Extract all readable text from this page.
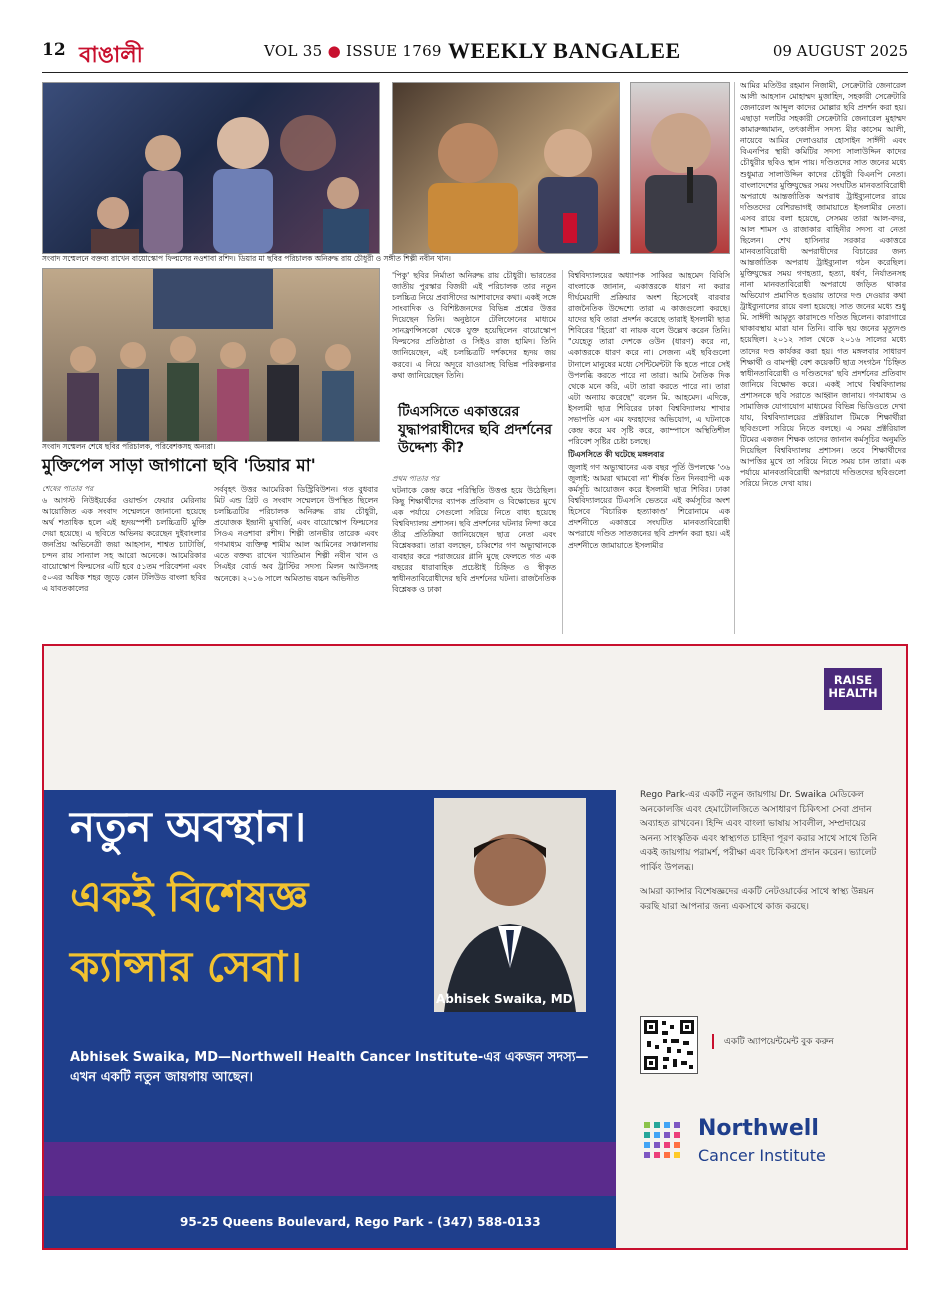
12 বাঙালী	VOL 35 ● ISSUE 1769 WEEKLY BANGALEE	09 AUGUST 2025
সংবাদ সম্মেলনে বক্তব্য রাখেন বায়োস্কোপ ফিল্মসের নওশাবা রশিদ। ডিয়ার মা ছবির পরিচালক অনিরুদ্ধ রায় চৌধুরী ও সঙ্গীত শিল্পী নবীন খান।
সংবাদ সম্মেলন শেষে ছবির পরিচালক, পরিবেশকসহ অন্যরা।
মুক্তিপেল সাড়া জাগানো ছবি 'ডিয়ার মা'
শেষের পাতার পর

৬ আগস্ট নিউইয়র্কের ওয়ার্ল্ডস ফেয়ার মেরিনায় আয়োজিত এক সংবাদ সম্মেলনে জানানো হয়েছে অর্থ শতাধিক হলে এই হৃদয়স্পর্শী চলচ্চিত্রটি মুক্তি দেয়া হয়েছে। এ ছবিতে অভিনয় করেছেন দুইবাংলার জনপ্রিয় অভিনেত্রী জয়া আহসান, শাশ্বত চ্যাটার্জি, চন্দন রায় সান্যাল সহ আরো অনেকে। আমেরিকার বায়োস্কোপ ফিল্মসের এটি হবে ৫১তম পরিবেশনা এবং ৫০এর অধিক শহর জুড়ে কোন টলিউড বাংলা ছবির এ যাবতকালের

সর্ববৃহৎ উত্তর আমেরিকা ডিস্ট্রিবিউশন। গত বুধবার মিট এন্ড গ্রিট ও সংবাদ সম্মেলনে উপস্থিত ছিলেন চলচ্চিত্রটির পরিচালক অনিরুদ্ধ রায় চৌধুরী, প্রযোজক ইন্দ্রানী মুখার্জি, এবং বায়োস্কোপ ফিল্মসের সিওএ নওশাবা রশীদ। শিল্পী তানভীর তারেক এবং গণমাধ্যম ব্যক্তিত্ব শামীম আল আমিনের সঞ্চালনায় এতে বক্তব্য রাখেন খ্যাতিমান শিল্পী নবীন খান ও সিএইর বোর্ড অব ট্রাস্টির সদস্য মিলন আউনসহ অনেকে। ২০১৬ সালে অমিতাভ বচ্চন অভিনীত

'পিকু' ছবির নির্মাতা অনিরুদ্ধ রায় চৌধুরী। ভারতের জাতীয় পুরস্কার বিজয়ী এই পরিচালক তার নতুন চলচ্চিত্র নিয়ে প্রবাসীদের আশাবাদের কথা। একই সঙ্গে সাংবাদিক ও বিশিষ্টজনদের বিভিন্ন প্রশ্নের উত্তর দিয়েছেন তিনি। অনুষ্ঠানে টেলিফোনের মাধ্যমে সানফ্রান্সিসকো থেকে যুক্ত হয়েছিলেন বায়োস্কোপ ফিল্মসের প্রতিষ্ঠাতা ও সিইও রাজ হামিদ। তিনি জানিয়েছেন, এই চলচ্চিত্রটি দর্শকদের হৃদয় জয় করবে। এ নিয়ে অদূরে যাওয়াসহ বিভিন্ন পরিকল্পনার কথা জানিয়েছেন তিনি।

টিএসসিতে একাত্তরের যুদ্ধাপরাধীদের ছবি প্রদর্শনের উদ্দেশ্য কী?
প্রথম পাতার পর

ঘটনাকে কেন্দ্র করে পরিস্থিতি উত্তপ্ত হয়ে উঠেছিল। কিছু শিক্ষার্থীদের ব্যাপক প্রতিবাদ ও বিক্ষোভের মুখে এক পর্যায়ে সেগুলো সরিয়ে নিতে বাধ্য হয়েছে বিশ্ববিদ্যালয় প্রশাসন। ছবি প্রদর্শনের ঘটনার নিন্দা করে তীব্র প্রতিক্রিয়া জানিয়েছেন ছাত্র নেতা এবং বিশ্লেষকরা। তারা বলছেন, চব্বিশের গণ অভ্যুত্থানকে ব্যবহার করে পরাজয়ের গ্লানি মুছে ফেলতে গত এক বছরের ধারাবাহিক প্রচেষ্টাই চিহ্নিত ও স্বীকৃত স্বাধীনতাবিরোধীদের ছবি প্রদর্শনের ঘটনা। রাজনৈতিক বিশ্লেষক ও ঢাকা

বিশ্ববিদ্যালয়ের অধ্যাপক সাব্বির আহমেদ বিবিসি বাংলাকে জানান, একাত্তরকে ধারণ না করার দীর্ঘমেয়াদী প্রক্রিয়ার অংশ হিসেবেই বারবার রাজনৈতিক উদ্দেশ্যে তারা এ কাজগুলো করছে। যাদের ছবি তারা প্রদর্শন করেছে তারাই ইসলামী ছাত্র শিবিরের 'হিরো' বা নায়ক বলে উল্লেখ করেন তিনি। "যেহেতু তারা দেশকে ওউন (ধারণ) করে না, একাত্তরকে ধারণ করে না। সেজন্য এই ছবিগুলো টানালে মানুষের মধ্যে সেন্টিমেন্টটা কি হতে পারে সেই উপলব্ধি করতে পারে না তারা। আমি নৈতিক দিক থেকে মনে করি, এটা তারা করতে পারে না। তারা এটা অন্যায় করেছে" বলেন মি. আহমেদ। এদিকে, ইসলামী ছাত্র শিবিরের ঢাকা বিশ্ববিদ্যালয় শাখার সভাপতি এস এম ফরহাদের অভিযোগ, এ ঘটনাকে কেন্দ্র করে মব সৃষ্টি করে, ক্যাম্পাসে অস্থিতিশীল পরিবেশ সৃষ্টির চেষ্টা চলছে।

টিএসসিতে কী ঘটেছে মঙ্গলবার

জুলাই গণ অভ্যুত্থানের এক বছর পূর্তি উপলক্ষে '৩৬ জুলাই: আমরা থামবো না' শীর্ষক তিন দিনব্যাপী এক কর্মসূচি আয়োজন করে ইসলামী ছাত্র শিবির। ঢাকা বিশ্ববিদ্যালয়ের টিএসসি ভেতরে এই কর্মসূচির অংশ হিসেবে 'বিচারিক হত্যাকাণ্ড' শিরোনামে এক প্রদর্শনীতে একাত্তরে সংঘটিত মানবতাবিরোধী অপরাধে দণ্ডিত সাতজনের ছবি প্রদর্শন করা হয়। এই প্রদর্শনীতে জামায়াতে ইসলামীর

আমির মতিউর রহমান নিজামী, সেক্রেটারি জেনারেল আলী আহসান মোহাম্মদ মুজাহিদ, সহকারী সেক্রেটারি জেনারেল আব্দুল কাদের মোল্লার ছবি প্রদর্শন করা হয়। এছাড়া দলটির সহকারী সেক্রেটারি জেনারেল মুহাম্মদ কামারুজ্জামান, তৎকালীন সদস্য মীর কাসেম আলী, নায়েবে আমির দেলাওয়ার হোসাইন সাঈদী এবং বিএনপির স্থায়ী কমিটির সদস্য সালাউদ্দিন কাদের চৌধুরীর ছবিও স্থান পায়। দণ্ডিতদের সাত জনের মধ্যে শুধুমাত্র সালাউদ্দিন কাদের চৌধুরী বিএনপি নেতা। বাংলাদেশের মুক্তিযুদ্ধের সময় সংঘটিত মানবতাবিরোধী অপরাধে আন্তর্জাতিক অপরাধ ট্রাইব্যুনালের রায়ে দণ্ডিতদের বেশিরভাগই জামায়াতে ইসলামীর নেতা। এসব রায়ে বলা হয়েছে, সেসময় তারা আল-বদর, আল শামস ও রাজাকার বাহিনীর সদস্য বা নেতা ছিলেন। শেখ হাসিনার সরকার একাত্তরে মানবতাবিরোধী অপরাধীদের বিচারের জন্য আন্তর্জাতিক অপরাধ ট্রাইব্যুনাল গঠন করেছিল। মুক্তিযুদ্ধের সময় গণহত্যা, হত্যা, ধর্ষণ, নির্যাতনসহ নানা মানবতাবিরোধী অপরাধে জড়িত থাকার অভিযোগ প্রমাণিত হওয়ায় তাদের দণ্ড দেওয়ার কথা ট্রাইব্যুনালের রায়ে বলা হয়েছে। সাত জনের মধ্যে শুধু মি. সাঈদী আমৃত্যু কারাদণ্ডে দণ্ডিত ছিলেন। কারাগারে থাকাবস্থায় মারা যান তিনি। বাকি ছয় জনের মৃত্যুদণ্ড হয়েছিল। ২০১২ সাল থেকে ২০১৬ সালের মধ্যে তাদের দণ্ড কার্যকর করা হয়। গত মঙ্গলবার সাধারণ শিক্ষার্থী ও বামপন্থী বেশ কয়েকটি ছাত্র সংগঠন 'চিহ্নিত স্বাধীনতাবিরোধী ও দণ্ডিতদের' ছবি প্রদর্শনের প্রতিবাদ জানিয়ে বিক্ষোভ করে। একই সাথে বিশ্ববিদ্যালয় প্রশাসনকে ছবি সরাতে আহ্বান জানায়। গণমাধ্যম ও সামাজিক যোগাযোগ মাধ্যমের বিভিন্ন ভিডিওতে দেখা যায়, বিশ্ববিদ্যালয়ের প্রক্টরিয়াল টিমকে শিক্ষার্থীরা ছবিগুলো সরিয়ে নিতে বলছে। এ সময় প্রক্টরিয়াল টিমের একজন শিক্ষক তাদের জানান কর্মসূচির অনুমতি দিয়েছিল বিশ্ববিদ্যালয় প্রশাসন। তবে শিক্ষার্থীদের আপত্তির মুখে তা সরিয়ে নিতে সময় চান তারা। এক পর্যায়ে মানবতাবিরোধী অপরাধে দণ্ডিতদের ছবিগুলো সরিয়ে নিতে দেখা যায়।

RAISE HEALTH
নতুন অবস্থান।
একই বিশেষজ্ঞ
ক্যান্সার সেবা।
Abhisek Swaika, MD
Abhisek Swaika, MD—Northwell Health Cancer Institute-এর একজন সদস্য—এখন একটি নতুন জায়গায় আছেন।
95-25 Queens Boulevard, Rego Park - (347) 588-0133

Rego Park-এর একটি নতুন জায়গায় Dr. Swaika মেডিকেল অনকোলজি এবং হেমাটোলজিতে অসাধারণ চিকিৎসা সেবা প্রদান অব্যাহত রাখবেন। হিন্দি এবং বাংলা ভাষায় সাবলীল, সম্প্রদায়ের অনন্য সাংস্কৃতিক এবং স্বাস্থ্যগত চাহিদা পূরণ করার সাথে সাথে তিনি একই জায়গায় পরামর্শ, পরীক্ষা এবং চিকিৎসা প্রদান করেন। ভ্যালেট পার্কিং উপলব্ধ।

আমরা ক্যান্সার বিশেষজ্ঞদের একটি নেটওয়ার্কের সাথে স্বাস্থ্য উন্নয়ন করছি যারা আপনার জন্য একসাথে কাজ করছে।

একটি অ্যাপয়েন্টমেন্ট বুক করুন
Northwell
Cancer Institute
